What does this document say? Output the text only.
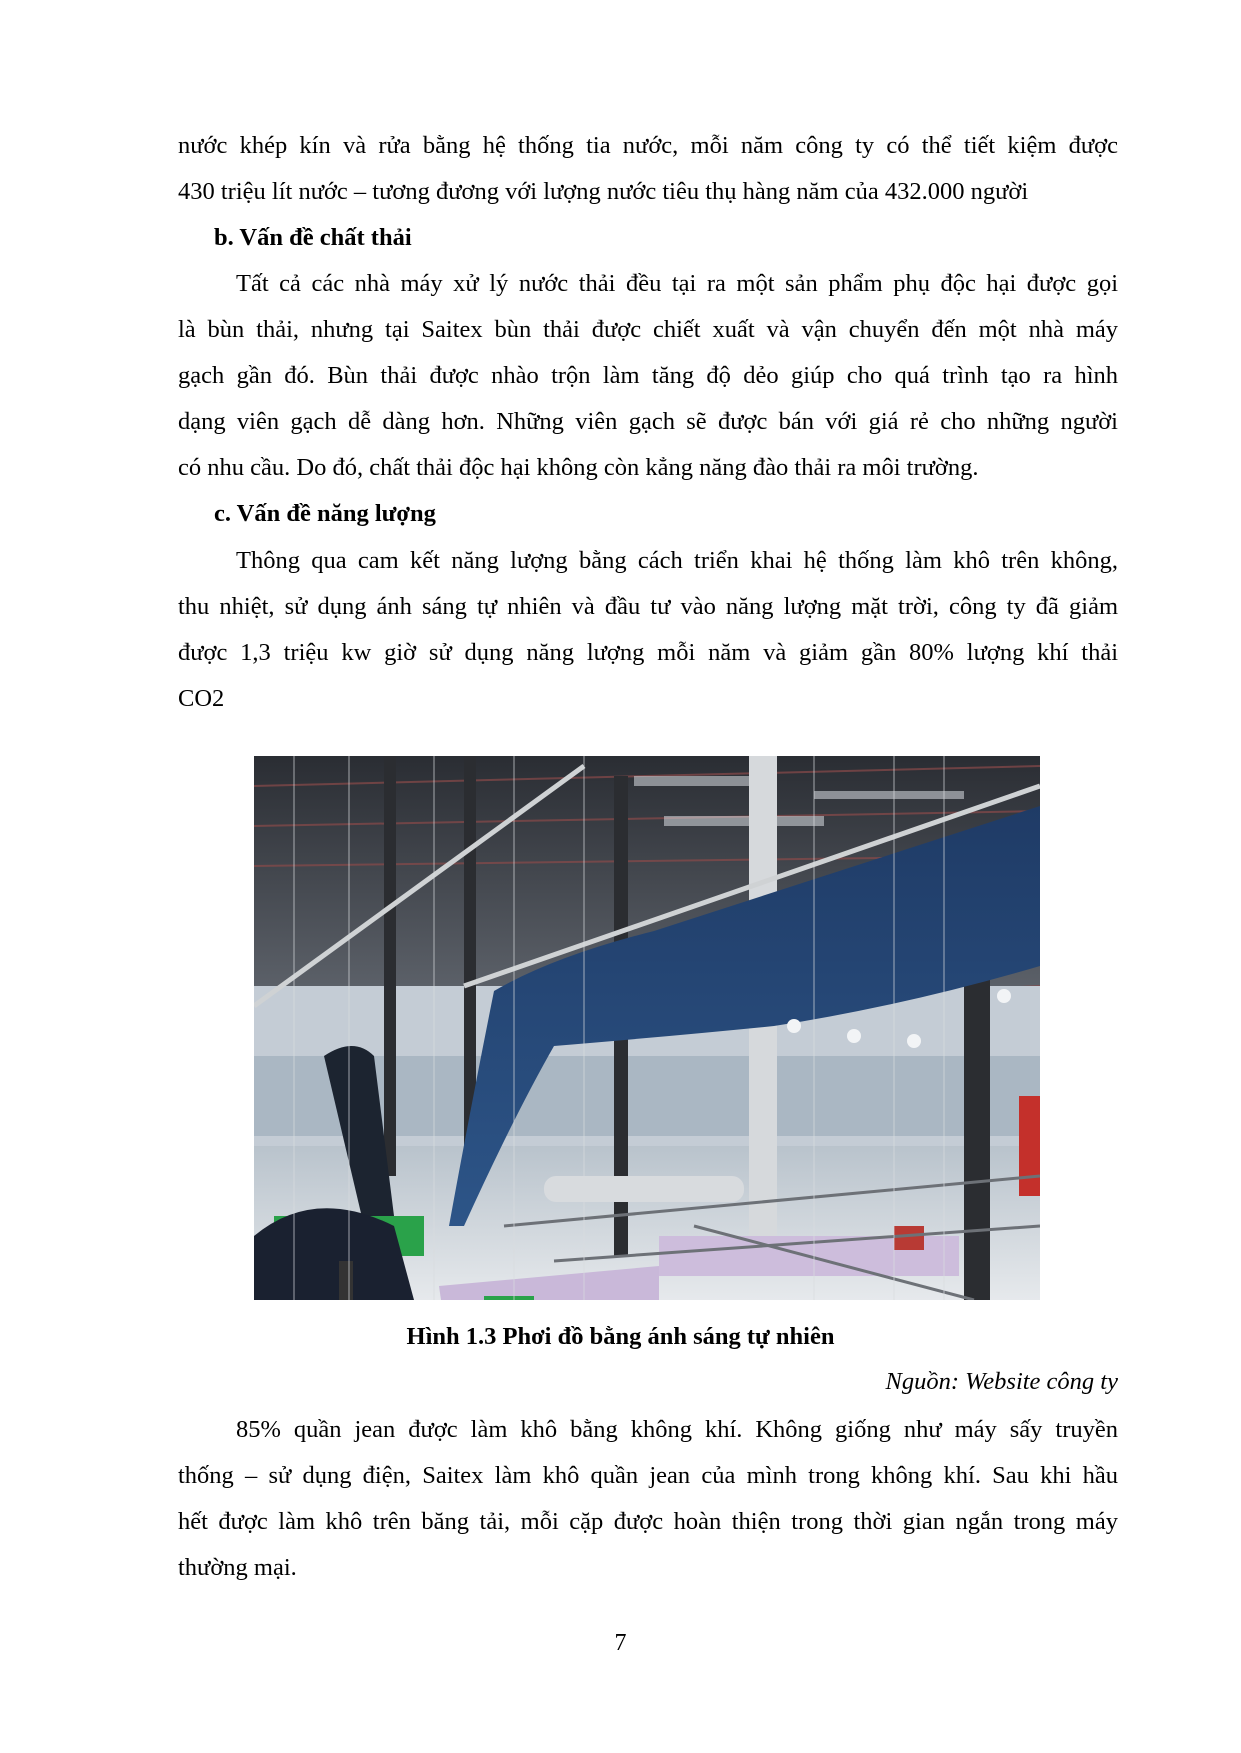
nước khép kín và rửa bằng hệ thống tia nước, mỗi năm công ty có thể tiết kiệm được
430 triệu lít nước – tương đương với lượng nước tiêu thụ hàng năm của 432.000 người
b. Vấn đề chất thải
Tất cả các nhà máy xử lý nước thải đều tại ra một sản phẩm phụ độc hại được gọi
là bùn thải, nhưng tại Saitex bùn thải được chiết xuất và vận chuyển đến một nhà máy
gạch gần đó. Bùn thải được nhào trộn làm tăng độ dẻo giúp cho quá trình tạo ra hình
dạng viên gạch dễ dàng hơn. Những viên gạch sẽ được bán với giá rẻ cho những người
có nhu cầu. Do đó, chất thải độc hại không còn kẳng năng đào thải ra môi trường.
c. Vấn đề năng lượng
Thông qua cam kết năng lượng bằng cách triển khai hệ thống làm khô trên không,
thu nhiệt, sử dụng ánh sáng tự nhiên và đầu tư vào năng lượng mặt trời, công ty đã giảm
được 1,3 triệu kw giờ sử dụng năng lượng mỗi năm và giảm gần 80% lượng khí thải
CO2
Hình 1.3 Phơi đồ bằng ánh sáng tự nhiên
Nguồn: Website công ty
85% quần jean được làm khô bằng không khí. Không giống như máy sấy truyền
thống – sử dụng điện, Saitex làm khô quần jean của mình trong không khí. Sau khi hầu
hết được làm khô trên băng tải, mỗi cặp được hoàn thiện trong thời gian ngắn trong máy
thường mại.
7
